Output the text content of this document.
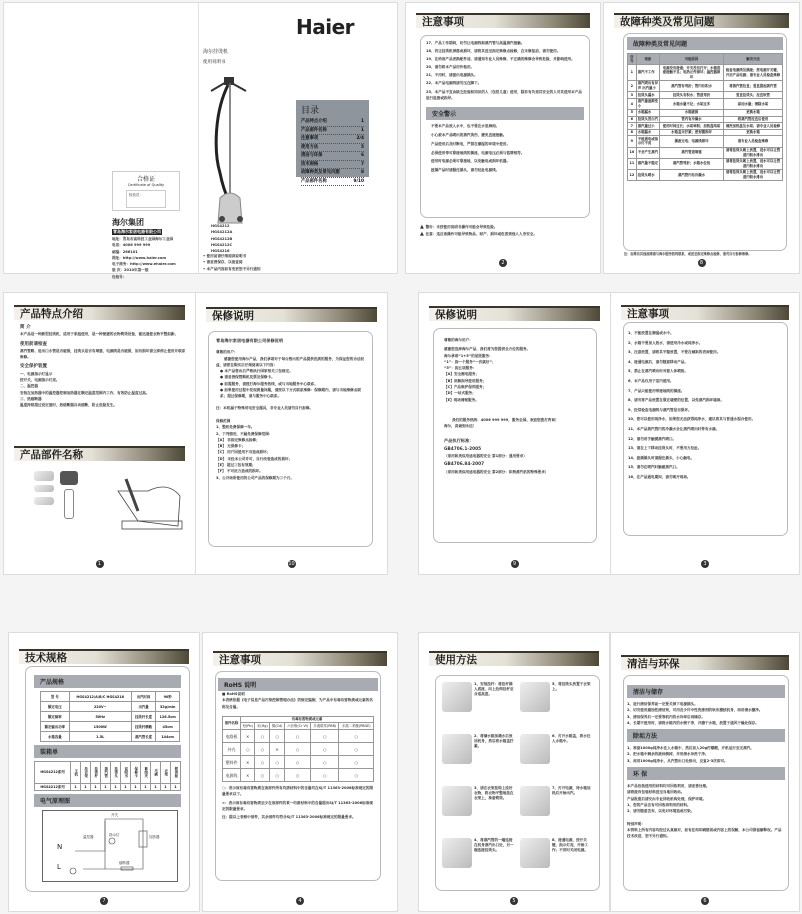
合格证
Certificate of Quality
检验员：
海尔集团
青岛海尔家居电器有限公司
地址：青岛市高科技工业园海尔工业园
电话：4006 999 999
邮编：266101
网址：http://www.haier.com
电子商务：http://www.ehaier.com
版 次：2010年第一版
包装号：
Haier
海尔挂烫机
使用说明书
HGS4212
HGS4212A
HGS4212B
HGS4212C
HGS4216
• 使用前请仔细阅读说明书
• 请妥善保存，以备查阅
• 本产品内容如有变更恕不另行通知
目录
产品特点介绍	1
产品部件名称	1
注意事项	2/4
使用方法	5
清洁与环保	6
技术规格	7
故障种类及常见问题	8
产品部件名称	9/10
注意事项
17、产品工作期间，切勿让电源线和蒸汽管与高温蒸汽接触。
18、若让挂烫机掉落或损坏，请将其送至指定维修点检修，在未修复前，请勿使用。
19、在给该产品更换配件前，请通知专业人员维修，不正确的维修会导致危险，并影响使用。
20、请勿将本产品用作他用。
21、不用时，请拔出电源插头。
22、本产品电源线请勿压在脚下。
23、本产品不宜由缺乏经验和知识的人（包括儿童）使用，除非有负责其安全的人对其使用本产品进行监督或指导。
安全警示
不要本产品放入水中，也不要在水里淋雨。
小心被本产品喷出的蒸汽烫伤，避免直接接触。
产品使用后及时断电，严禁在潮湿的环境中使用。
必须使用带可靠接地线的插座，电源电压必须与铭牌相符。
使用时电源必须可靠接地，以免触电或损坏机器。
拔插产品时请握住插头，请勿拉扯电源线。
▲ 警告：未按使用说明书操作可能会导致危险。
▲ 注意：违反该操作可能导致物品、财产、损坏或危害到他人人身安全。
2
故障种类及常见问题
故障种类及常见问题
序号	现象	可能原因	解决方法
1	蒸汽不工作	电源没有接通；开关没有打开；水箱底座接触不良；电热元件损坏；温控器损坏	检查电源线及插座；按电源开关键，开启产品电源；请专业人员检查维修
2	蒸汽喷出有异声 出汽量小	蒸汽管有弯折；管内有积水	将蒸汽管拉直；竖直提起蒸汽管
3	挂烫头漏水	挂烫头有积水；管道弯折	竖直挂烫头；拉直软管
4	蒸汽量逐渐变小	水箱水量不足；水垢过多	添加水量；清除水垢
5	水箱漏水	水箱破损	更换水箱
6	挂烫头冒白汽	管内有冷凝水	将蒸汽管拉直后使用
7	蒸汽量过小	使用时间过长；水垢堆积；加热盘结垢	清洗加热盘及水垢；请专业人员检修
8	水箱漏水	水箱盖未拧紧；密封圈损坏	更换水箱
9	不能通电或指示灯不亮	插座无电；电源线损坏	请专业人员检查维修
10	不会产生蒸汽	蒸汽管道堵塞	请将挂烫头朝上放置，进水可以让管道内积水排出
11	蒸汽量不稳定	蒸汽管弯折；水箱水位低	请将挂烫头朝上放置，进水可以让管道内积水排出
12	挂烫头喷水	蒸汽管内有冷凝水	请将挂烫头朝上放置，进水可以让管道内积水排出
注：如果有其他故障请与海尔服务热线联系，或送至指定维修点检修，请勿自行拆卸维修。
8
产品特点介绍
简 介
本产品是一种新型挂烫机，适用于家庭使用，是一种便捷的衣物熨烫设备，能迅速使衣物平整如新。
使用前请检查
蒸汽管路、进出口水管是否破损，挂烫头是否有堵塞，电源线是否破损，如有损坏请立即停止使用并联系维修。
安全保护装置
一、电源指示灯显示
按开关，电源指示灯亮。
二、温控器
安装在加热器中的温控器控制加热器在额定温度范围内工作，有效防止温度过高。
三、热熔断器
温度持续超过设定值时，热熔断器自动熔断，防止危险发生。
产品部件名称
1
保修说明
青岛海尔家居电器有限公司保修说明
尊敬的用户：
感谢您使用海尔产品，我们承诺对于每台售出的产品提供优质的服务，为保证您的合法权益，请您在购买后仔细阅读以下内容：
● 本产品售出后严格执行国家相关三包规定。
● 请妥善保管购机发票及保修卡。
● 如需服务，请拨打海尔服务热线，或与当地服务中心联系。
● 如果使用过程中发现质量问题，请按以下方式联系维修：保修期内，请与当地维修点联系；超过保修期，请与服务中心联系。
注：本机属于特殊用电安全器具，非专业人员请勿自行拆修。
保修范围
1、整机免费保修一年。
2、下列情况，不属免费保修范围：
【A】 非指定维修点拆修；
【B】 无保修卡；
【C】 用户因使用不当造成损坏；
【D】 未经本公司许可，自行改装造成的损坏；
【E】 超过三包有效期；
【F】 不可抗力造成的损坏。
3、公共场所使用的公司产品的保修期为三个月。
10
保修说明
尊敬的海尔用户：
感谢您选择海尔产品，我们将为您提供全方位的服务。
海尔承诺“1+5”的星级服务：
“1”：指一个服务“一次就好”；
“5”：指五项服务：
【A】安全测电服务；
【B】讲解指导使用服务；
【C】产品维护保养服务；
【D】一站式服务；
【E】现场清理服务。
我们的服务热线：4006 999 999，服务全国。欢迎您拨打咨询！
海尔，真诚到永远！
产品执行标准：
GB4706.1-2005
（家用和类似用途电器的安全 第1部分：通用要求）
GB4706.84-2007
（家用和类似用途电器的安全 第2部分：织物蒸汽机的特殊要求）
9
注意事项
1、不能放置在潮湿或水中。
2、水箱不要加入热水，请使用冷水或纯净水。
3、注意放置，请将其平稳放置，不要在倾斜的表面使用。
4、接通电源后，请勿随意移动产品。
5、禁止在蒸汽喷出时对着人体喷射。
6、本产品仅用于室内使用。
7、产品只能使用带接地线的插座。
8、请勿将产品放置在靠近墙壁的位置，以免蒸汽损坏墙面。
9、经常检查电源线与蒸汽管是否损坏。
10、您可以使用纯净水，如果您无法获得纯净水，建议将其与普通水混合使用。
11、本产品蒸汽管内的冷凝水会让蒸汽喷出时带有水滴。
12、请勿用手触摸蒸汽喷口。
13、请在上下移动挂烫头时，不要用力拉扯。
14、拔插插头时请握住插头，小心触电。
15、请勿在喷汽时触碰蒸汽口。
16、在产品通电期间，请勿离开现场。
3
技术规格
产品规格
型 号	HGS4212/A/B/C HGS4216	出汽时间	90秒
额定电压	220V~	出汽量	32g/min
额定频率	50Hz	挂烫杆长度	126.5cm
额定输出功率	1500W	挂烫杆横截	45cm
水箱容量	1.5L	蒸汽管长度	144cm
装箱单
HGS4212系列	主机	挂衣架	挂烫杆	蒸汽管	挂烫头	说明书	保修卡	裤线夹	毛刷	衣架	熨烫板
HGS4212系列	1	1	1	1	1	1	1	1	1	1	1
电气原理图
N
L
温控器	指示灯	加热器
熔断器
开关
7
注意事项
RoHS 说明
■ RoHS说明
本表格依据《电子信息产品污染控制管理办法》的规定编制，为产品中有毒有害物质或元素的名称及含量。
部件名称	有毒有害物质或元素					
	铅(Pb)	汞(Hg)	镉(Cd)	六价铬(Cr VI)	多溴联苯(PBB)	多溴二苯醚(PBDE)
电路板	×	○	○	○	○	○
外壳	○	○	×	○	○	○
塑料件	×	○	○	○	○	○
电源线	×	○	○	○	○	○
○：表示该有毒有害物质在该部件所有均质材料中的含量均在SJ/T 11363-2006标准规定的限量要求以下。
×：表示该有毒有害物质至少在该部件的某一均质材料中的含量超出SJ/T 11363-2006标准规定的限量要求。
注：除以上表格中部件，其余部件均符合SJ/T 11363-2006标准规定的限量要求。
4
使用方法
1、安装挂杆：将挂杆插入底座，向上拉伸挂杆至合适高度。
2、将储水箱加满水后放回机身，然后将水箱盖拧紧。
3、请在衣架挂钩上挂好衣物，将衣物平整地挂在衣架上，准备熨烫。
4、将蒸汽管的一端连接在机身蒸汽出口处，另一端连接挂烫头。
5、将挂烫头放置于衣架上。
6、打开水箱盖，将水注入水箱中。
7、打开电源，待水箱加热后开始出汽。
8、接通电源，按开关键，指示灯亮，开始工作；不用时关闭电源。
5
清洁与环保
清洁与储存
1、进行清洁保养前一定要关掉下电源插头。
2、切勿使用腐蚀性清洁剂，可用含少许中性洗涤剂的软布擦拭机身，再用清水擦净。
3、清洁保养后一定要等机内的水冷却后再储存。
4、长期不使用时，请将水箱内的水倒干净，并擦干水箱，放置于通风干燥处保存。
除垢方法
1、准备1000g纯净水注入水箱中，然后加入20g柠檬酸，开机运行至无蒸汽。
2、把水箱中剩余的液体倒掉，并用清水冲洗干净。
3、再用1000g纯净水，从汽管出口处排出，反复2-3次即可。
环 保
本产品包装使用的材料均可回收利用，请妥善处理。
请将废弃包装材料送至当地回收站。
产品报废后请交由专业回收机构处理，保护环境。
1、您的产品含有可回收再利用的材料。
2、请勿随意丢弃，以免对环境造成污染。
特别声明：
本资料上所有内容均经过认真核对，如有任何印刷错误或内容上的误解，本公司保留解释权。产品技术改进，恕不另行通知。
6
